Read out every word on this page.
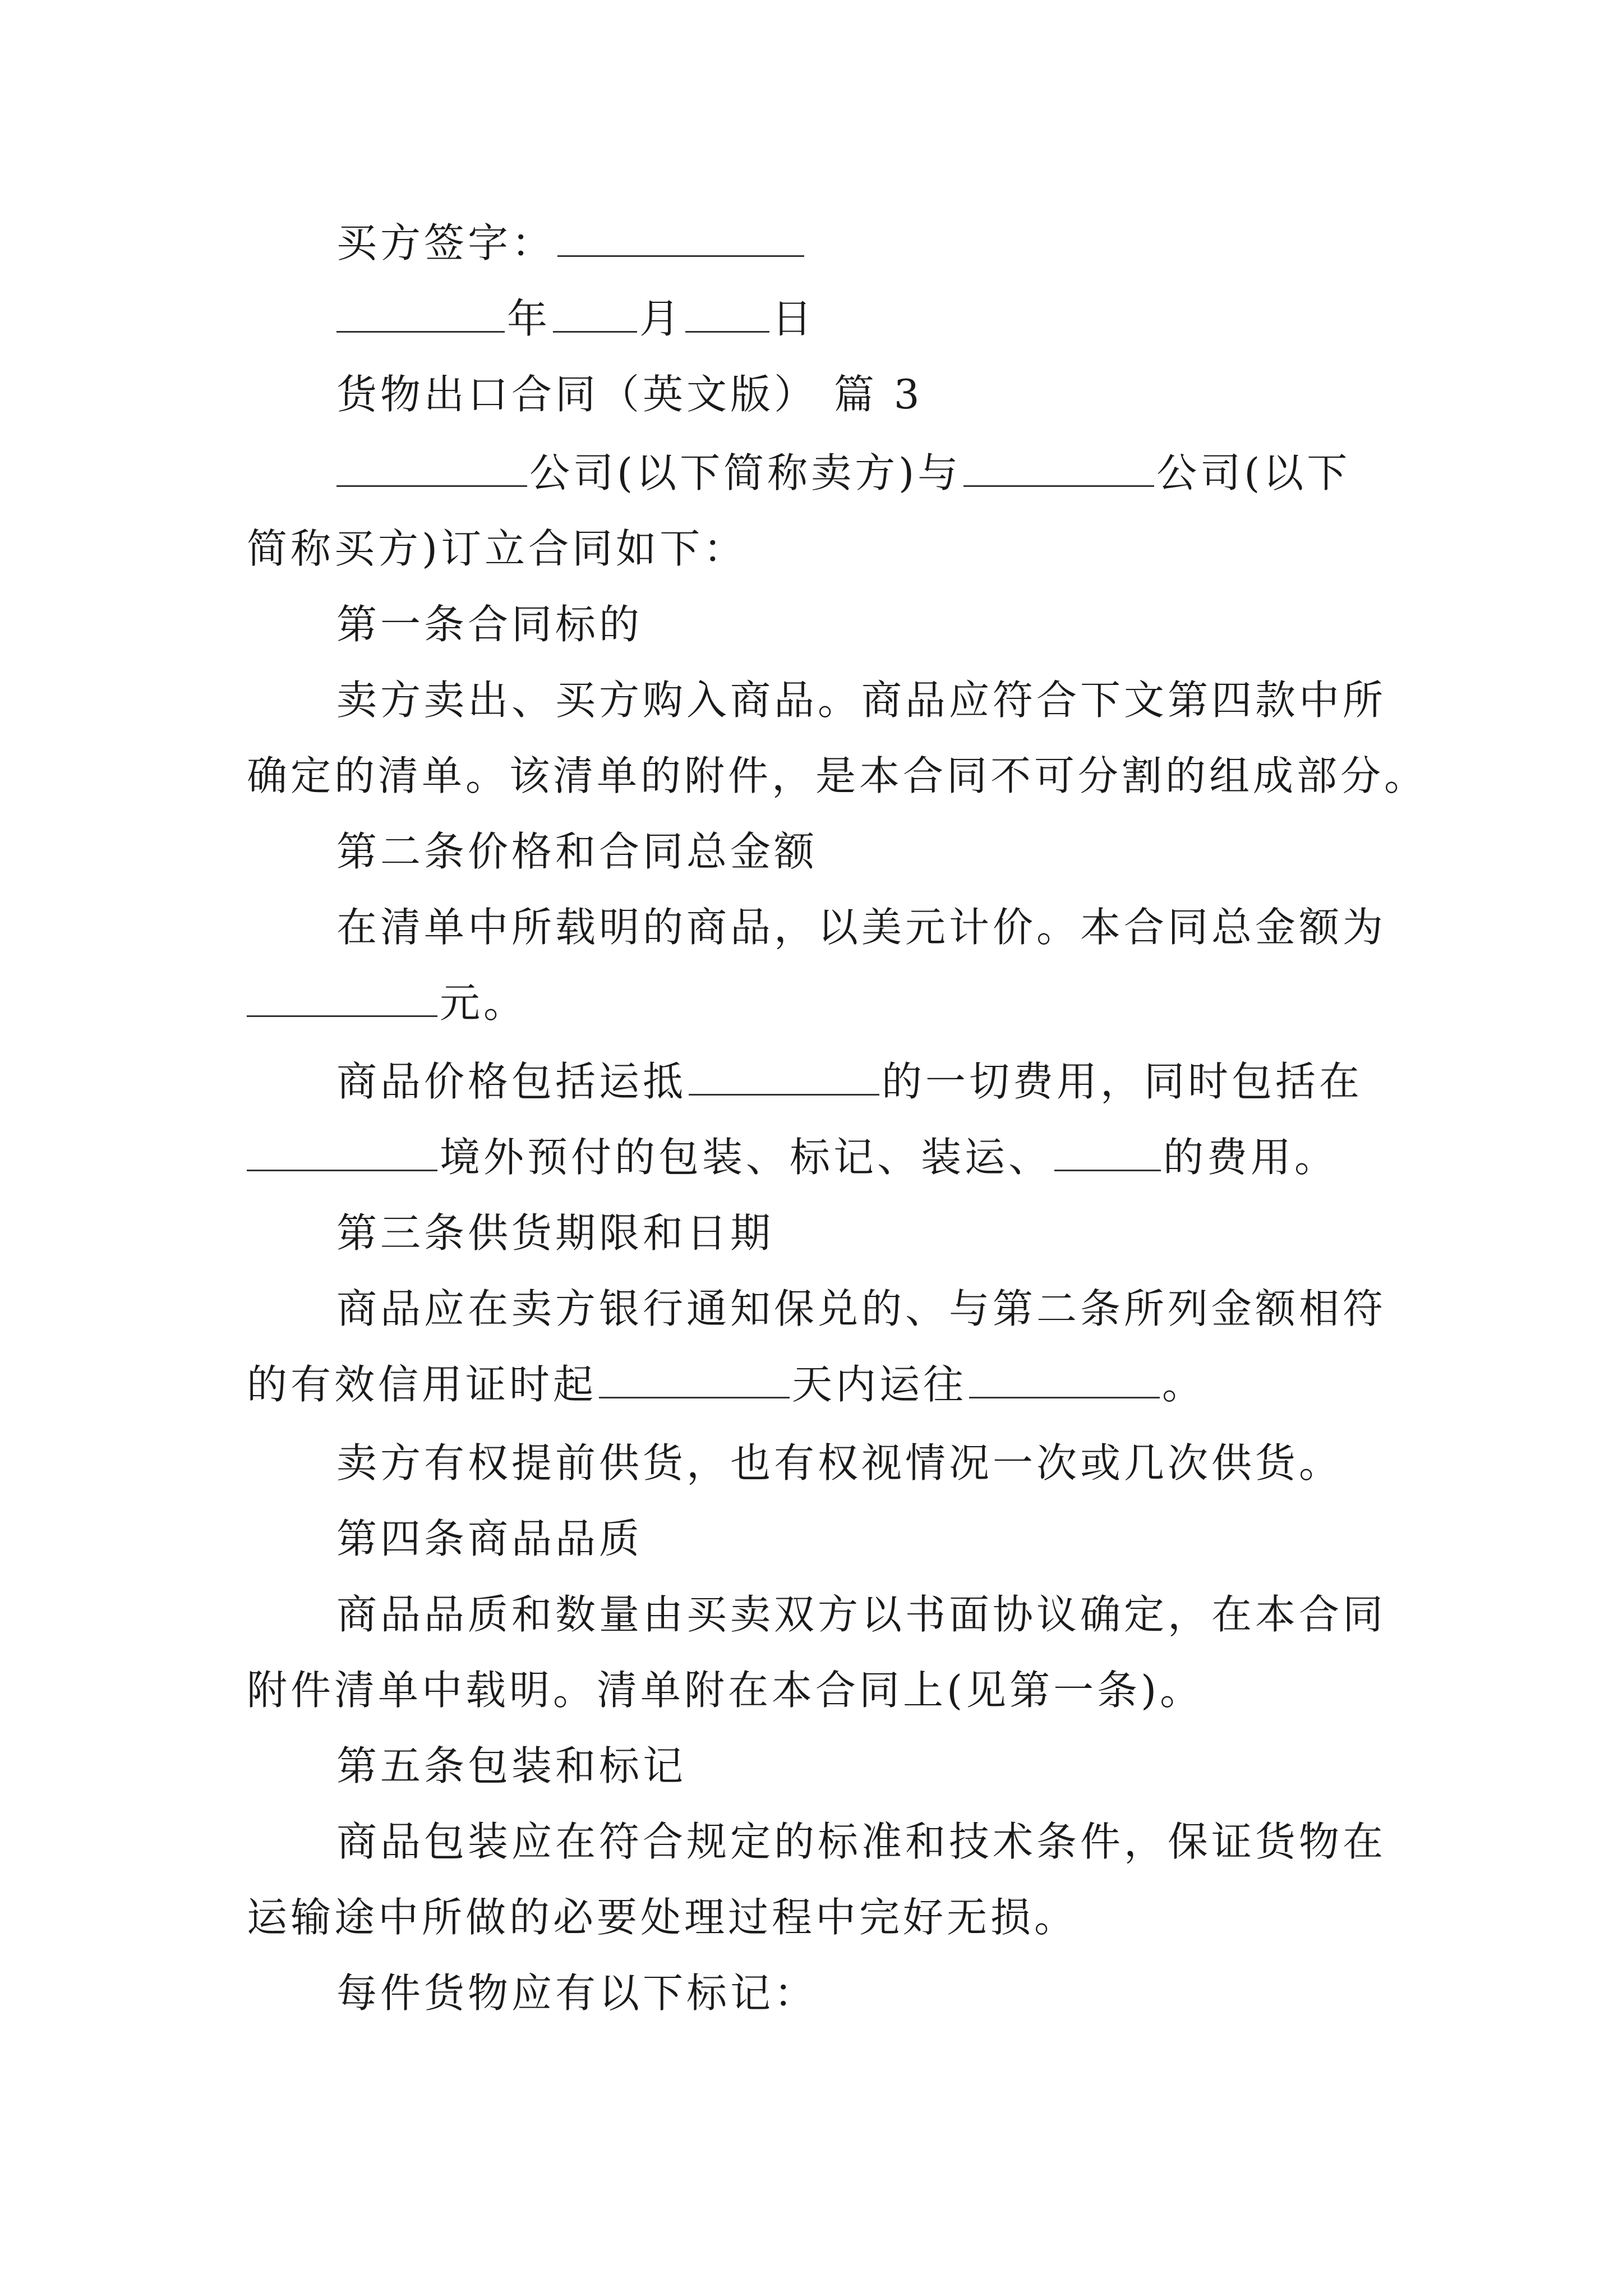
买方签字：
年 月 日
货物出口合同（英文版） 篇 3
公司(以下简称卖方)与	公司(以下
简称买方)订立合同如下：
第一条合同标的
卖方卖出、买方购入商品。商品应符合下文第四款中所
确定的清单。该清单的附件，是本合同不可分割的组成部分。
第二条价格和合同总金额
在清单中所载明的商品，以美元计价。本合同总金额为
元。
商品价格包括运抵	的一切费用，同时包括在
境外预付的包装、标记、装运、	的费用。
第三条供货期限和日期
商品应在卖方银行通知保兑的、与第二条所列金额相符
的有效信用证时起	天内运往	。
卖方有权提前供货，也有权视情况一次或几次供货。
第四条商品品质
商品品质和数量由买卖双方以书面协议确定，在本合同
附件清单中载明。清单附在本合同上(见第一条)。
第五条包装和标记
商品包装应在符合规定的标准和技术条件，保证货物在
运输途中所做的必要处理过程中完好无损。
每件货物应有以下标记：
